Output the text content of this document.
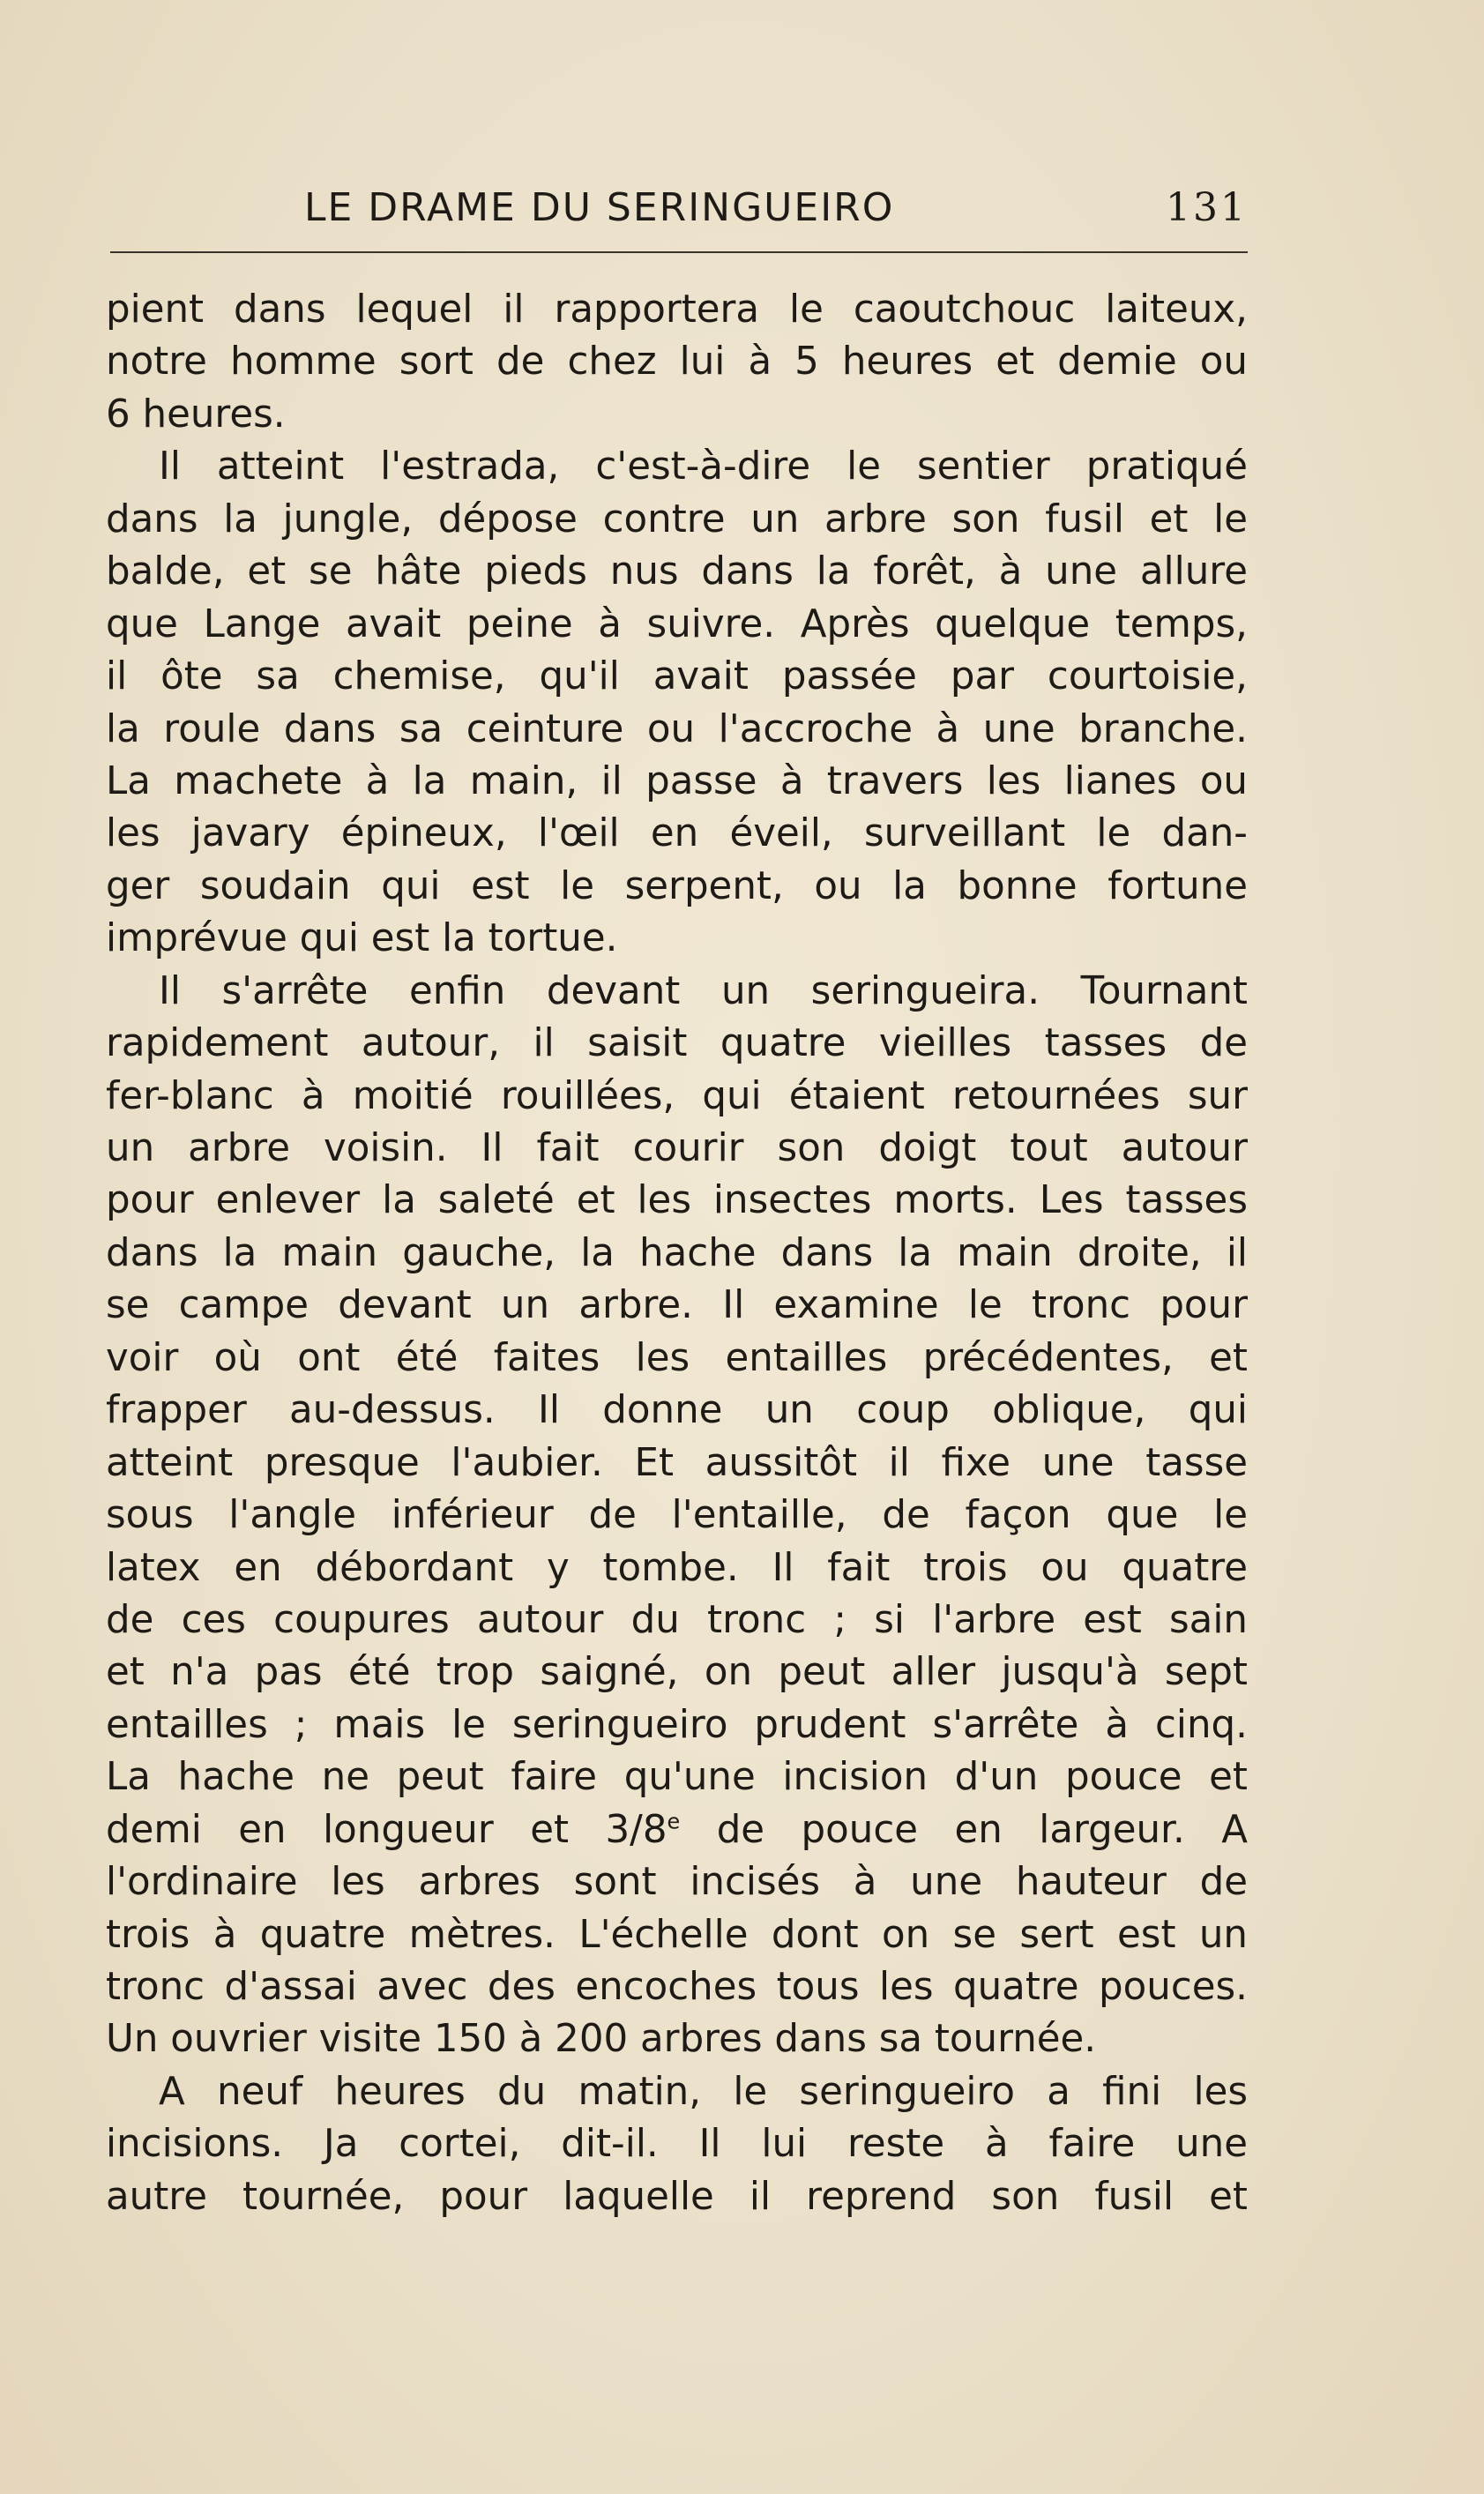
LE DRAME DU SERINGUEIRO	131
pient dans lequel il rapportera le caoutchouc laiteux,
notre homme sort de chez lui à 5 heures et demie ou
6 heures.
Il atteint l'estrada, c'est-à-dire le sentier pratiqué
dans la jungle, dépose contre un arbre son fusil et le
balde, et se hâte pieds nus dans la forêt, à une allure
que Lange avait peine à suivre. Après quelque temps,
il ôte sa chemise, qu'il avait passée par courtoisie,
la roule dans sa ceinture ou l'accroche à une branche.
La machete à la main, il passe à travers les lianes ou
les javary épineux, l'œil en éveil, surveillant le dan-
ger soudain qui est le serpent, ou la bonne fortune
imprévue qui est la tortue.
Il s'arrête enfin devant un seringueira. Tournant
rapidement autour, il saisit quatre vieilles tasses de
fer-blanc à moitié rouillées, qui étaient retournées sur
un arbre voisin. Il fait courir son doigt tout autour
pour enlever la saleté et les insectes morts. Les tasses
dans la main gauche, la hache dans la main droite, il
se campe devant un arbre. Il examine le tronc pour
voir où ont été faites les entailles précédentes, et
frapper au-dessus. Il donne un coup oblique, qui
atteint presque l'aubier. Et aussitôt il fixe une tasse
sous l'angle inférieur de l'entaille, de façon que le
latex en débordant y tombe. Il fait trois ou quatre
de ces coupures autour du tronc ; si l'arbre est sain
et n'a pas été trop saigné, on peut aller jusqu'à sept
entailles ; mais le seringueiro prudent s'arrête à cinq.
La hache ne peut faire qu'une incision d'un pouce et
demi en longueur et 3/8e de pouce en largeur. A
l'ordinaire les arbres sont incisés à une hauteur de
trois à quatre mètres. L'échelle dont on se sert est un
tronc d'assai avec des encoches tous les quatre pouces.
Un ouvrier visite 150 à 200 arbres dans sa tournée.
A neuf heures du matin, le seringueiro a fini les
incisions. Ja cortei, dit-il. Il lui reste à faire une
autre tournée, pour laquelle il reprend son fusil et
